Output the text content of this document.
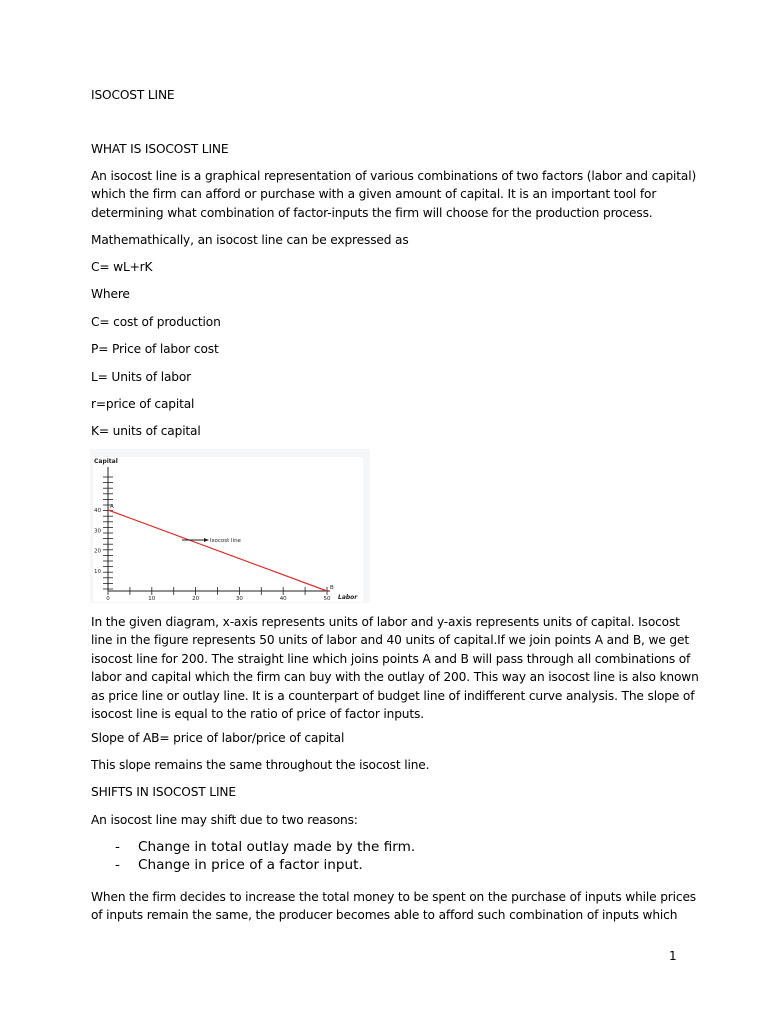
ISOCOST LINE
WHAT IS ISOCOST LINE
An isocost line is a graphical representation of various combinations of two factors (labor and capital)
which the firm can afford or purchase with a given amount of capital. It is an important tool for
determining what combination of factor-inputs the firm will choose for the production process.
Mathemathically, an isocost line can be expressed as
C= wL+rK
Where
C= cost of production
P= Price of labor cost
L= Units of labor
r=price of capital
K= units of capital
0	10	20	30	40	50
10
20
30
40
Capital
Labor
A
B
Isocost line
In the given diagram, x-axis represents units of labor and y-axis represents units of capital. Isocost
line in the figure represents 50 units of labor and 40 units of capital.If we join points A and B, we get
isocost line for 200. The straight line which joins points A and B will pass through all combinations of
labor and capital which the firm can buy with the outlay of 200. This way an isocost line is also known
as price line or outlay line. It is a counterpart of budget line of indifferent curve analysis. The slope of
isocost line is equal to the ratio of price of factor inputs.
Slope of AB= price of labor/price of capital
This slope remains the same throughout the isocost line.
SHIFTS IN ISOCOST LINE
An isocost line may shift due to two reasons:
- Change in total outlay made by the firm.
- Change in price of a factor input.
When the firm decides to increase the total money to be spent on the purchase of inputs while prices
of inputs remain the same, the producer becomes able to afford such combination of inputs which
1
